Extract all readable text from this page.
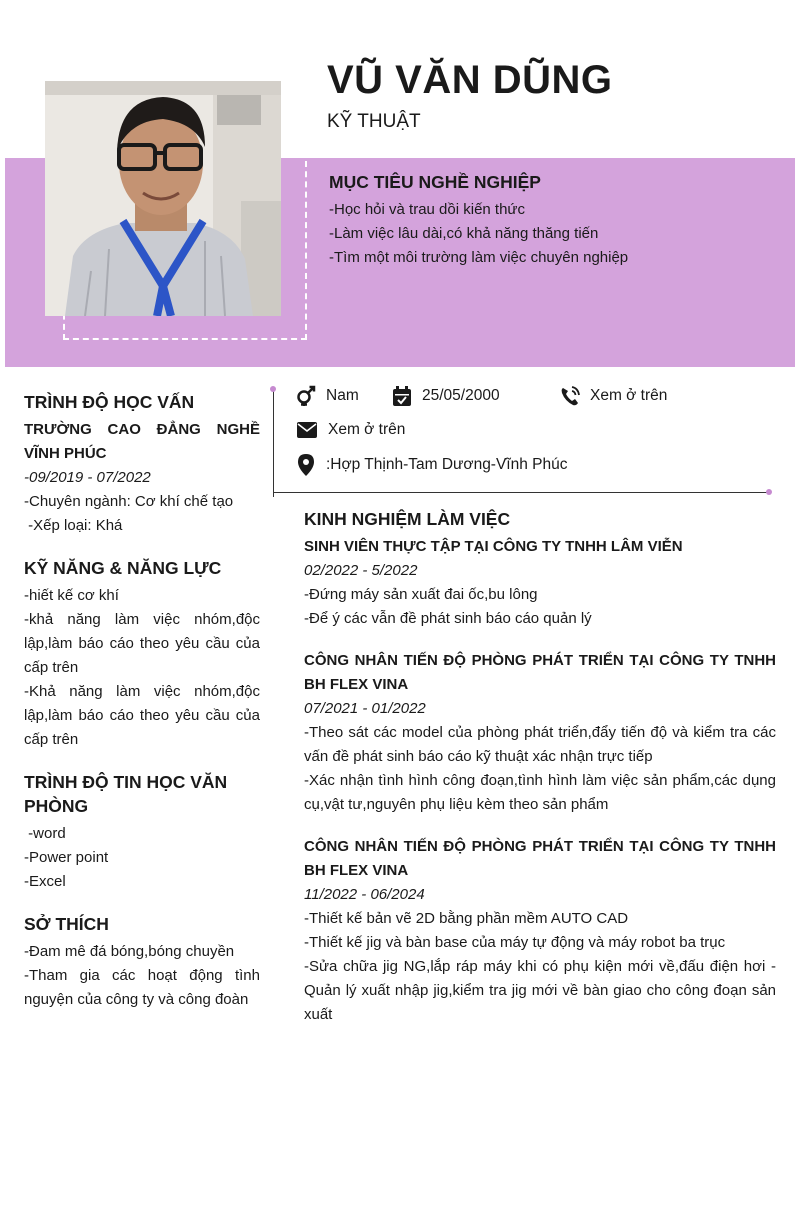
VŨ VĂN DŨNG
KỸ THUẬT
MỤC TIÊU NGHỀ NGHIỆP
-Học hỏi và trau dồi kiến thức
-Làm việc lâu dài,có khả năng thăng tiến
-Tìm một môi trường làm việc chuyên nghiệp
Nam	25/05/2000	Xem ở trên
Xem ở trên
:Hợp Thịnh-Tam Dương-Vĩnh Phúc
TRÌNH ĐỘ HỌC VẤN
TRƯỜNG CAO ĐẲNG NGHỀ VĨNH PHÚC
-09/2019 - 07/2022
-Chuyên ngành: Cơ khí chế tạo
-Xếp loại: Khá
KỸ NĂNG & NĂNG LỰC
-hiết kế cơ khí
-khả năng làm việc nhóm,độc lập,làm báo cáo theo yêu cầu của cấp trên
-Khả năng làm việc nhóm,độc lập,làm báo cáo theo yêu cầu của cấp trên
TRÌNH ĐỘ TIN HỌC VĂN PHÒNG
-word
-Power point
-Excel
SỞ THÍCH
-Đam mê đá bóng,bóng chuyền
-Tham gia các hoạt động tình nguyện của công ty và công đoàn
KINH NGHIỆM LÀM VIỆC
SINH VIÊN THỰC TẬP TẠI CÔNG TY TNHH LÂM VIỄN
02/2022 - 5/2022
-Đứng máy sản xuất đai ốc,bu lông
-Để ý các vẫn đề phát sinh báo cáo quản lý
CÔNG NHÂN TIẾN ĐỘ PHÒNG PHÁT TRIỂN TẠI CÔNG TY TNHH BH FLEX VINA
07/2021 - 01/2022
-Theo sát các model của phòng phát triển,đẩy tiến độ và kiểm tra các vấn đề phát sinh báo cáo kỹ thuật xác nhận trực tiếp
-Xác nhận tình hình công đoạn,tình hình làm việc sản phẩm,các dụng cụ,vật tư,nguyên phụ liệu kèm theo sản phẩm
CÔNG NHÂN TIẾN ĐỘ PHÒNG PHÁT TRIỂN TẠI CÔNG TY TNHH BH FLEX VINA
11/2022 - 06/2024
-Thiết kế bản vẽ 2D bằng phần mềm AUTO CAD
-Thiết kế jig và bàn base của máy tự động và máy robot ba trục
-Sửa chữa jig NG,lắp ráp máy khi có phụ kiện mới về,đấu điện hơi - Quản lý xuất nhập jig,kiểm tra jig mới về bàn giao cho công đoạn sản xuất
